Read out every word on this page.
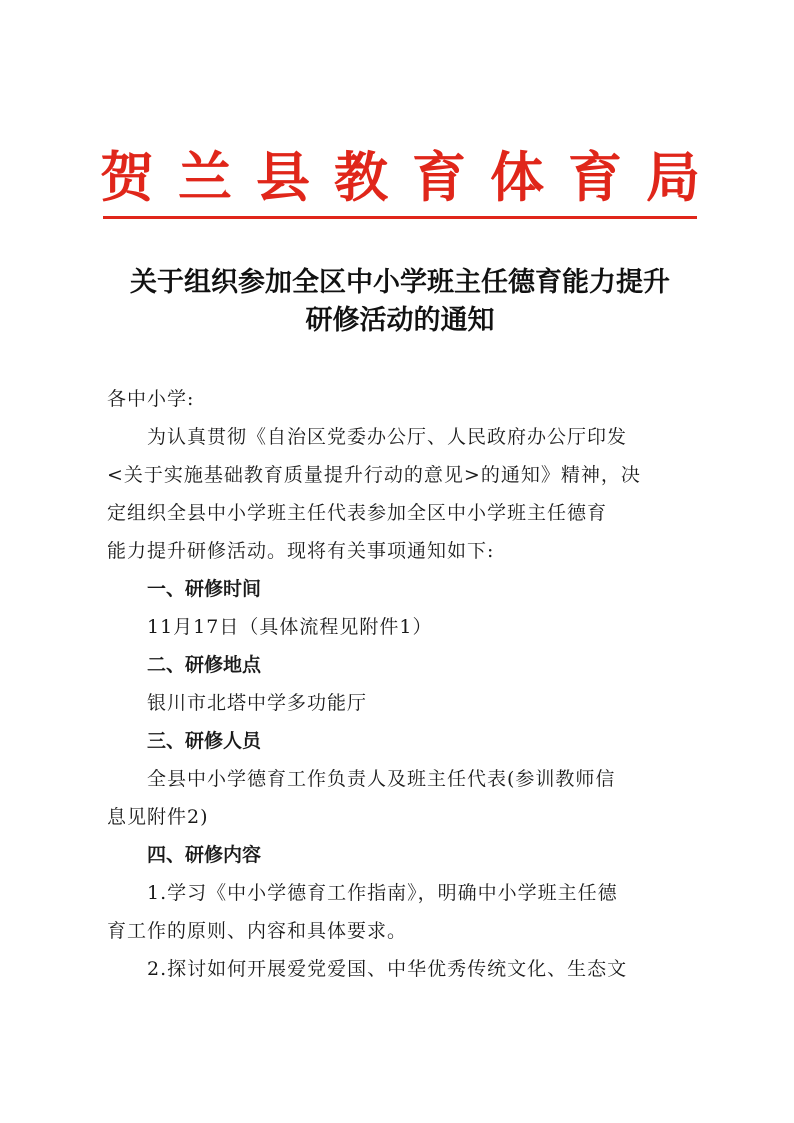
贺 兰 县 教 育 体 育 局
关于组织参加全区中小学班主任德育能力提升
研修活动的通知
各中小学:
为认真贯彻《自治区党委办公厅、人民政府办公厅印发
<关于实施基础教育质量提升行动的意见>的通知》精神，决
定组织全县中小学班主任代表参加全区中小学班主任德育
能力提升研修活动。现将有关事项通知如下:
一、研修时间
11月17日（具体流程见附件1）
二、研修地点
银川市北塔中学多功能厅
三、研修人员
全县中小学德育工作负责人及班主任代表(参训教师信
息见附件2)
四、研修内容
1.学习《中小学德育工作指南》，明确中小学班主任德
育工作的原则、内容和具体要求。
2.探讨如何开展爱党爱国、中华优秀传统文化、生态文
